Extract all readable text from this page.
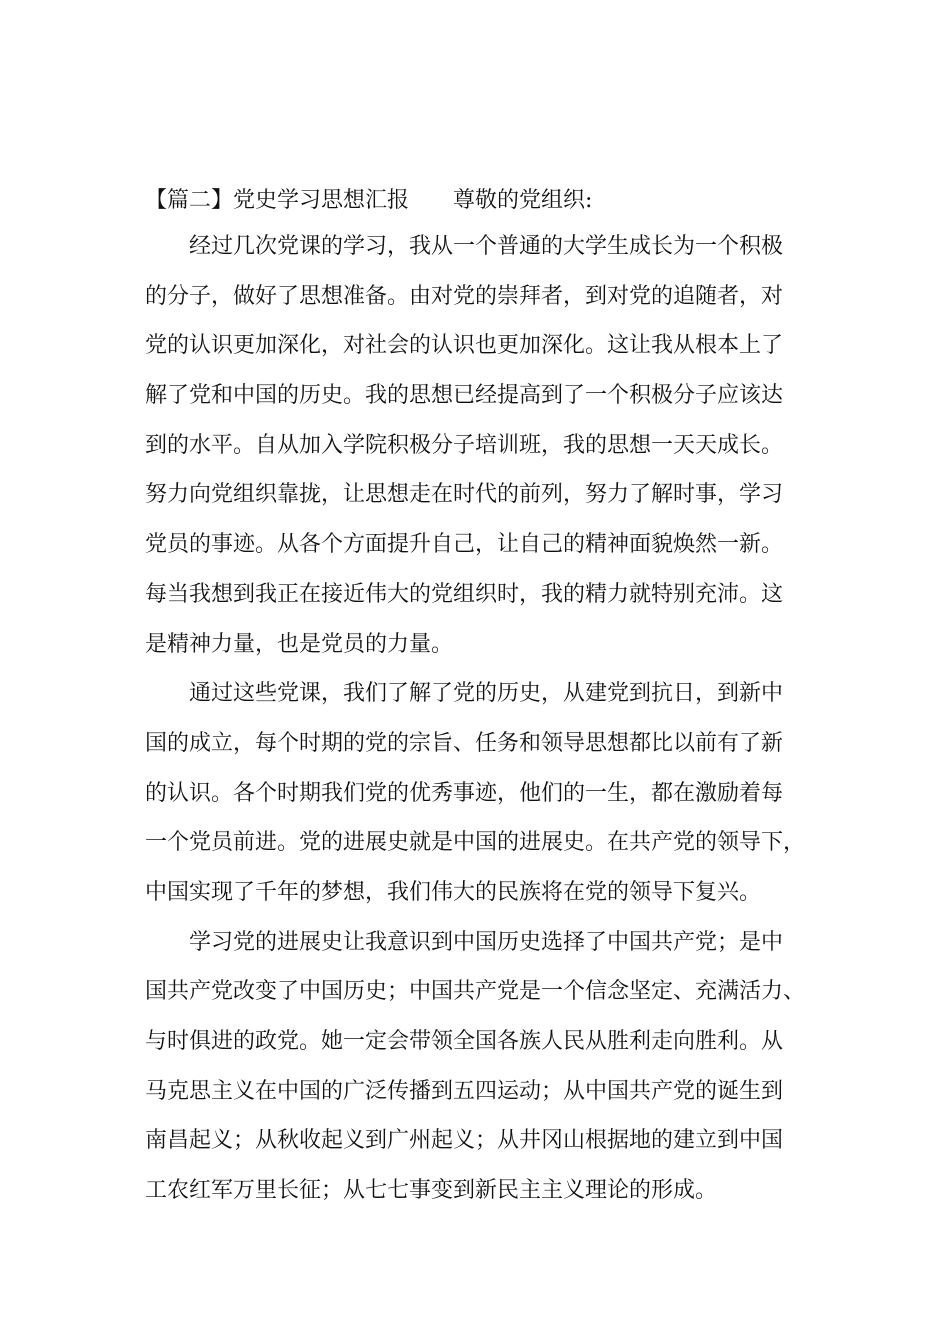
【篇二】党史学习思想汇报 尊敬的党组织:
经过几次党课的学习，我从一个普通的大学生成长为一个积极
的分子，做好了思想准备。由对党的崇拜者，到对党的追随者，对
党的认识更加深化，对社会的认识也更加深化。这让我从根本上了
解了党和中国的历史。我的思想已经提高到了一个积极分子应该达
到的水平。自从加入学院积极分子培训班，我的思想一天天成长。
努力向党组织靠拢，让思想走在时代的前列，努力了解时事，学习
党员的事迹。从各个方面提升自己，让自己的精神面貌焕然一新。
每当我想到我正在接近伟大的党组织时，我的精力就特别充沛。这
是精神力量，也是党员的力量。
通过这些党课，我们了解了党的历史，从建党到抗日，到新中
国的成立，每个时期的党的宗旨、任务和领导思想都比以前有了新
的认识。各个时期我们党的优秀事迹，他们的一生，都在激励着每
一个党员前进。党的进展史就是中国的进展史。在共产党的领导下，
中国实现了千年的梦想，我们伟大的民族将在党的领导下复兴。
学习党的进展史让我意识到中国历史选择了中国共产党；是中
国共产党改变了中国历史；中国共产党是一个信念坚定、充满活力、
与时俱进的政党。她一定会带领全国各族人民从胜利走向胜利。从
马克思主义在中国的广泛传播到五四运动；从中国共产党的诞生到
南昌起义；从秋收起义到广州起义；从井冈山根据地的建立到中国
工农红军万里长征；从七七事变到新民主主义理论的形成。
